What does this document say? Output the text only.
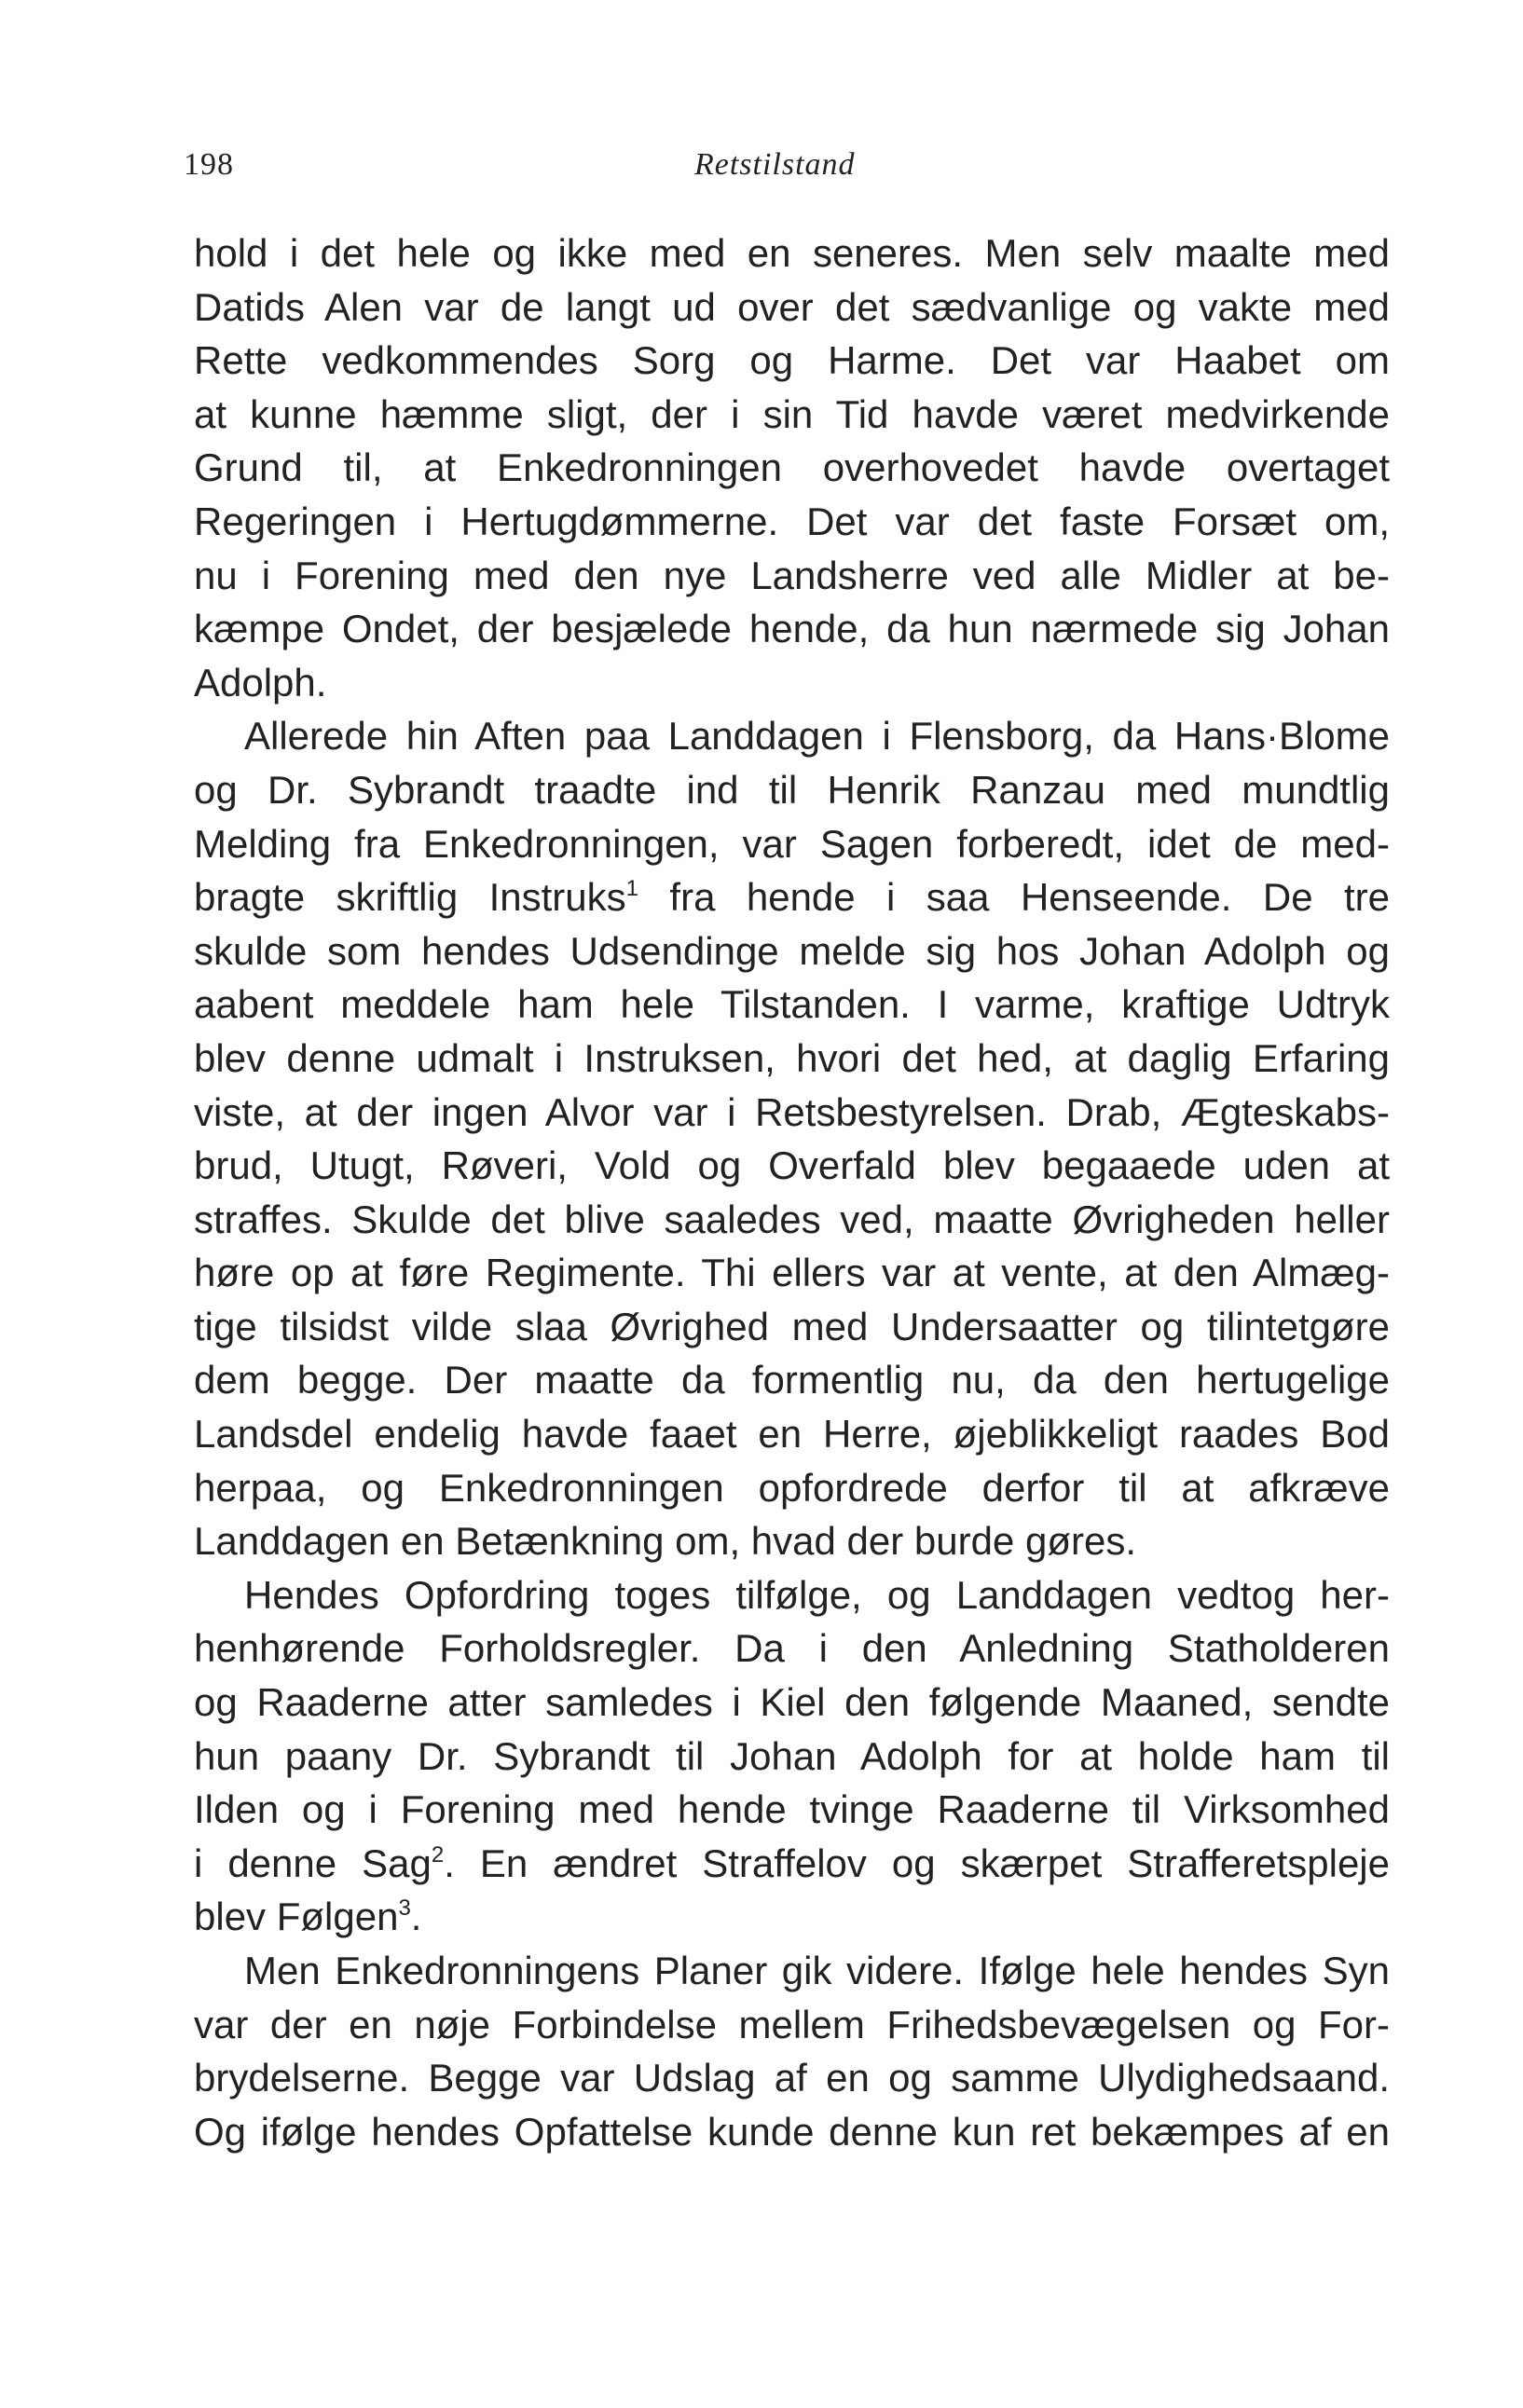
198	Retstilstand
hold i det hele og ikke med en seneres. Men selv maalte med
Datids Alen var de langt ud over det sædvanlige og vakte med
Rette vedkommendes Sorg og Harme. Det var Haabet om
at kunne hæmme sligt, der i sin Tid havde været medvirkende
Grund til, at Enkedronningen overhovedet havde overtaget
Regeringen i Hertugdømmerne. Det var det faste Forsæt om,
nu i Forening med den nye Landsherre ved alle Midler at be-
kæmpe Ondet, der besjælede hende, da hun nærmede sig Johan
Adolph.
Allerede hin Aften paa Landdagen i Flensborg, da Hans·Blome
og Dr. Sybrandt traadte ind til Henrik Ranzau med mundtlig
Melding fra Enkedronningen, var Sagen forberedt, idet de med-
bragte skriftlig Instruks$^1$ fra hende i saa Henseende. De tre
skulde som hendes Udsendinge melde sig hos Johan Adolph og
aabent meddele ham hele Tilstanden. I varme, kraftige Udtryk
blev denne udmalt i Instruksen, hvori det hed, at daglig Erfaring
viste, at der ingen Alvor var i Retsbestyrelsen. Drab, Ægteskabs-
brud, Utugt, Røveri, Vold og Overfald blev begaaede uden at
straffes. Skulde det blive saaledes ved, maatte Øvrigheden heller
høre op at føre Regimente. Thi ellers var at vente, at den Almæg-
tige tilsidst vilde slaa Øvrighed med Undersaatter og tilintetgøre
dem begge. Der maatte da formentlig nu, da den hertugelige
Landsdel endelig havde faaet en Herre, øjeblikkeligt raades Bod
herpaa, og Enkedronningen opfordrede derfor til at afkræve
Landdagen en Betænkning om, hvad der burde gøres.
Hendes Opfordring toges tilfølge, og Landdagen vedtog her-
henhørende Forholdsregler. Da i den Anledning Statholderen
og Raaderne atter samledes i Kiel den følgende Maaned, sendte
hun paany Dr. Sybrandt til Johan Adolph for at holde ham til
Ilden og i Forening med hende tvinge Raaderne til Virksomhed
i denne Sag$^2$. En ændret Straffelov og skærpet Strafferetspleje
blev Følgen$^3$.
Men Enkedronningens Planer gik videre. Ifølge hele hendes Syn
var der en nøje Forbindelse mellem Frihedsbevægelsen og For-
brydelserne. Begge var Udslag af en og samme Ulydighedsaand.
Og ifølge hendes Opfattelse kunde denne kun ret bekæmpes af en
